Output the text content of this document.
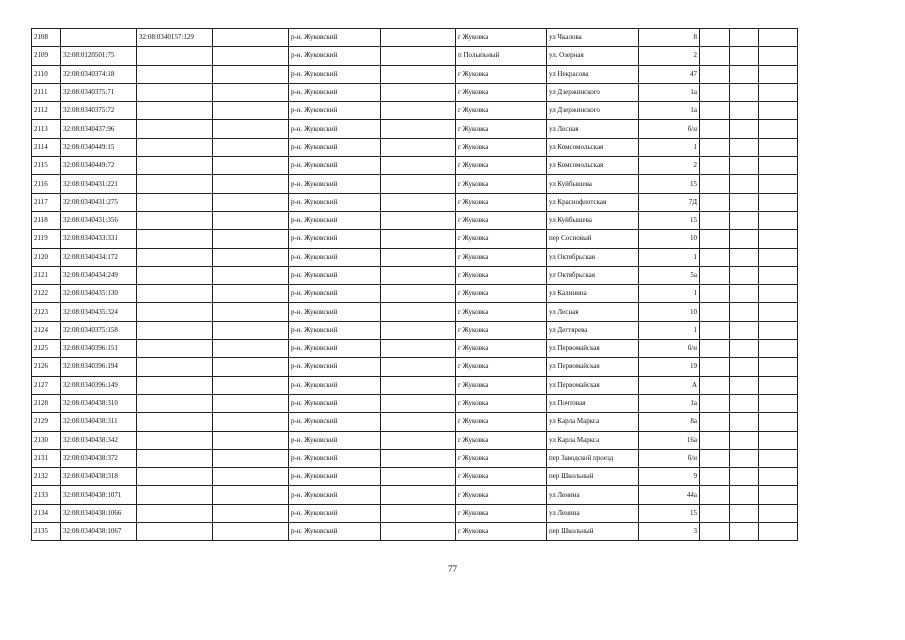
2108		32:08:0340157:129		р-н. Жуковский		г Жуковка	ул Чкалова	8			
2109	32:08:0120501:75			р-н. Жуковский		п Полыпьный	ул. Озерная	2			
2110	32:08:0340374:18			р-н. Жуковский		г Жуковка	ул Некрасова	47			
2111	32:08:0340375:71			р-н. Жуковский		г Жуковка	ул Дзержинского	1а			
2112	32:08:0340375:72			р-н. Жуковский		г Жуковка	ул Дзержинского	1а			
2113	32:08:0340437:96			р-н. Жуковский		г Жуковка	ул Лесная	б/н			
2114	32:08:0340449:15			р-н. Жуковский		г Жуковка	ул Комсомольская	1			
2115	32:08:0340449:72			р-н. Жуковский		г Жуковка	ул Комсомольская	2			
2116	32:08:0340431:221			р-н. Жуковский		г Жуковка	ул Куйбышева	15			
2117	32:08:0340431:275			р-н. Жуковский		г Жуковка	ул Краснофлотская	7Д			
2118	32:08:0340431:356			р-н. Жуковский		г Жуковка	ул Куйбышева	15			
2119	32:08:0340433:331			р-н. Жуковский		г Жуковка	пер Сосновый	10			
2120	32:08:0340434:172			р-н. Жуковский		г Жуковка	ул Октябрьская	1			
2121	32:08:0340434:249			р-н. Жуковский		г Жуковка	ул Октябрьская	5а			
2122	32:08:0340435:130			р-н. Жуковский		г Жуковка	ул Калинина	1			
2123	32:08:0340435:324			р-н. Жуковский		г Жуковка	ул Лесная	10			
2124	32:08:0340375:158			р-н. Жуковский		г Жуковка	ул Дегтярева	1			
2125	32:08:0340396:151			р-н. Жуковский		г Жуковка	ул Первомайская	б/н			
2126	32:08:0340396:194			р-н. Жуковский		г Жуковка	ул Первомайская	19			
2127	32:08:0340396:149			р-н. Жуковский		г Жуковка	ул Первомайская	А			
2128	32:08:0340438:310			р-н. Жуковский		г Жуковка	ул Почтовая	1а			
2129	32:08:0340438:311			р-н. Жуковский		г Жуковка	ул Карла Маркса	8а			
2130	32:08:0340438:342			р-н. Жуковский		г Жуковка	ул Карла Маркса	16а			
2131	32:08:0340438:372			р-н. Жуковский		г Жуковка	пер Заводской проезд	б/н			
2132	32:08:0340438:318			р-н. Жуковский		г Жуковка	пер Школьный	9			
2133	32:08:0340438:1071			р-н. Жуковский		г Жуковка	ул Ленина	44а			
2134	32:08:0340438:1066			р-н. Жуковский		г Жуковка	ул Ленина	15			
2135	32:08:0340438:1067			р-н. Жуковский		г Жуковка	пер Школьный	3			
77
